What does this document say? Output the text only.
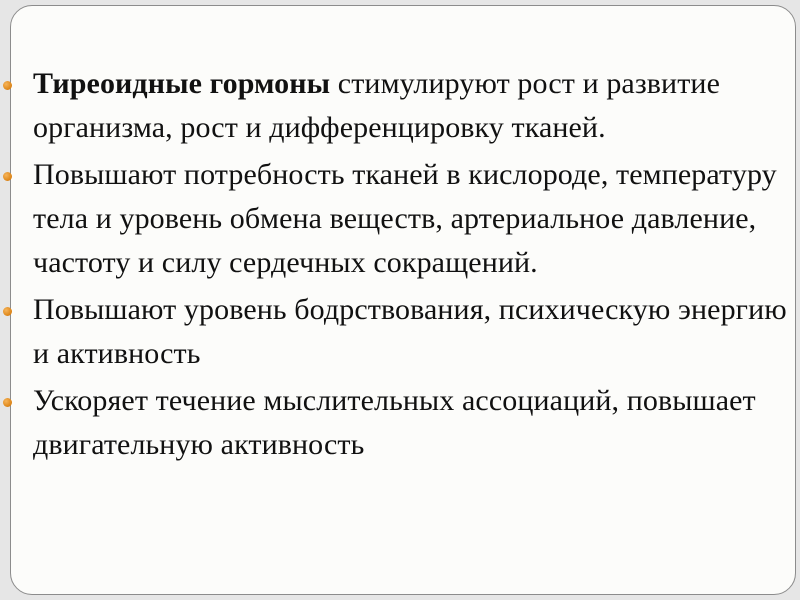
Тиреоидные гормоны стимулируют рост и развитие организма, рост и дифференцировку тканей.
Повышают потребность тканей в кислороде, температуру тела и уровень обмена веществ, артериальное давление, частоту и силу сердечных сокращений.
Повышают уровень бодрствования, психическую энергию и активность
Ускоряет течение мыслительных ассоциаций, повышает двигательную активность
